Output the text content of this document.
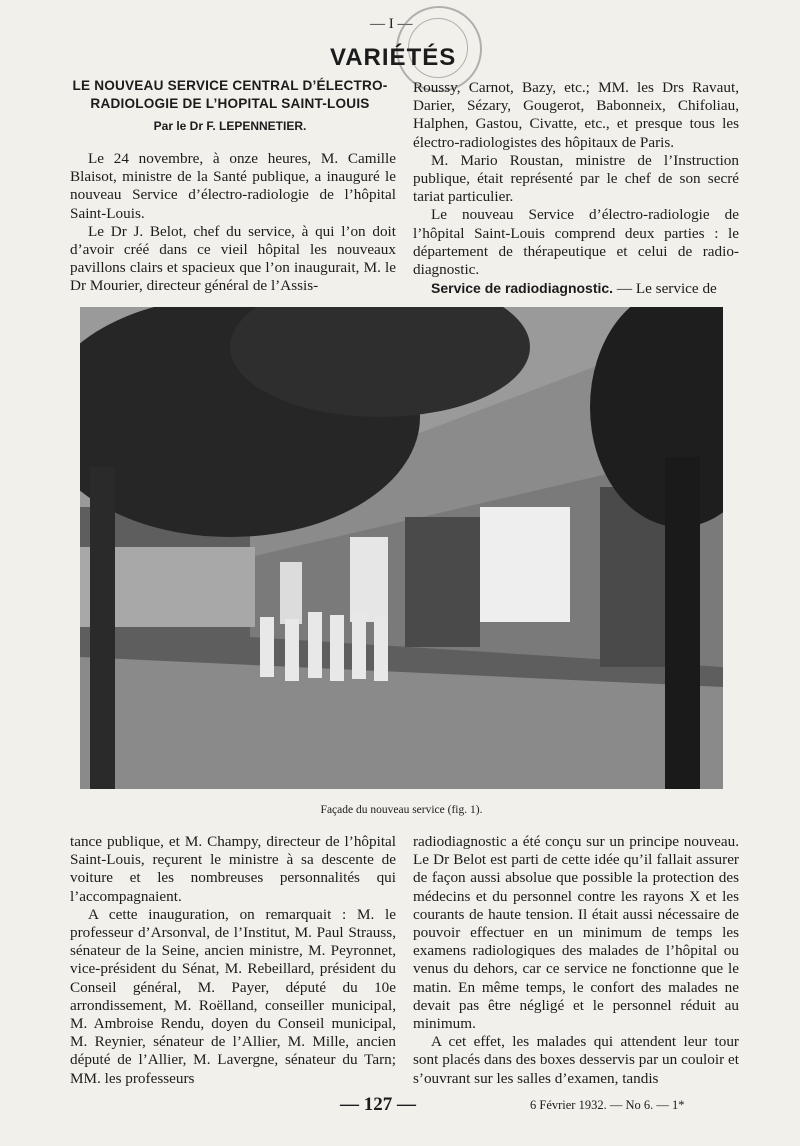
— I —
VARIÉTÉS
LE NOUVEAU SERVICE CENTRAL D’ÉLECTRO-RADIOLOGIE DE L’HOPITAL SAINT-LOUIS
Par le Dr F. LEPENNETIER.

Le 24 novembre, à onze heures, M. Camille Blaisot, ministre de la Santé publique, a inauguré le nouveau Service d’électro-radiologie de l’hôpital Saint-Louis.

Le Dr J. Belot, chef du service, à qui l’on doit d’avoir créé dans ce vieil hôpital les nouveaux pavillons clairs et spacieux que l’on inaugurait, M. le Dr Mourier, directeur général de l’Assis-

Roussy, Carnot, Bazy, etc.; MM. les Drs Ravaut, Darier, Sézary, Gougerot, Babonneix, Chifoliau, Halphen, Gastou, Civatte, etc., et presque tous les électro-radiologistes des hôpitaux de Paris.

M. Mario Roustan, ministre de l’Instruction publique, était représenté par le chef de son secré tariat particulier.

Le nouveau Service d’électro-radiologie de l’hôpital Saint-Louis comprend deux parties : le département de thérapeutique et celui de radio-diagnostic.

Service de radiodiagnostic. — Le service de

Façade du nouveau service (fig. 1).

tance publique, et M. Champy, directeur de l’hôpital Saint-Louis, reçurent le ministre à sa descente de voiture et les nombreuses personnalités qui l’accompagnaient.

A cette inauguration, on remarquait : M. le professeur d’Arsonval, de l’Institut, M. Paul Strauss, sénateur de la Seine, ancien ministre, M. Peyronnet, vice-président du Sénat, M. Rebeillard, président du Conseil général, M. Payer, député du 10e arrondissement, M. Roëlland, conseiller municipal, M. Ambroise Rendu, doyen du Conseil municipal, M. Reynier, sénateur de l’Allier, M. Mille, ancien député de l’Allier, M. Lavergne, sénateur du Tarn; MM. les professeurs

radiodiagnostic a été conçu sur un principe nouveau. Le Dr Belot est parti de cette idée qu’il fallait assurer de façon aussi absolue que possible la protection des médecins et du personnel contre les rayons X et les courants de haute tension. Il était aussi nécessaire de pouvoir effectuer en un minimum de temps les examens radiologiques des malades de l’hôpital ou venus du dehors, car ce service ne fonctionne que le matin. En même temps, le confort des malades ne devait pas être négligé et le personnel réduit au minimum.

A cet effet, les malades qui attendent leur tour sont placés dans des boxes desservis par un couloir et s’ouvrant sur les salles d’examen, tandis

— 127 —	6 Février 1932. — No 6. — 1*
